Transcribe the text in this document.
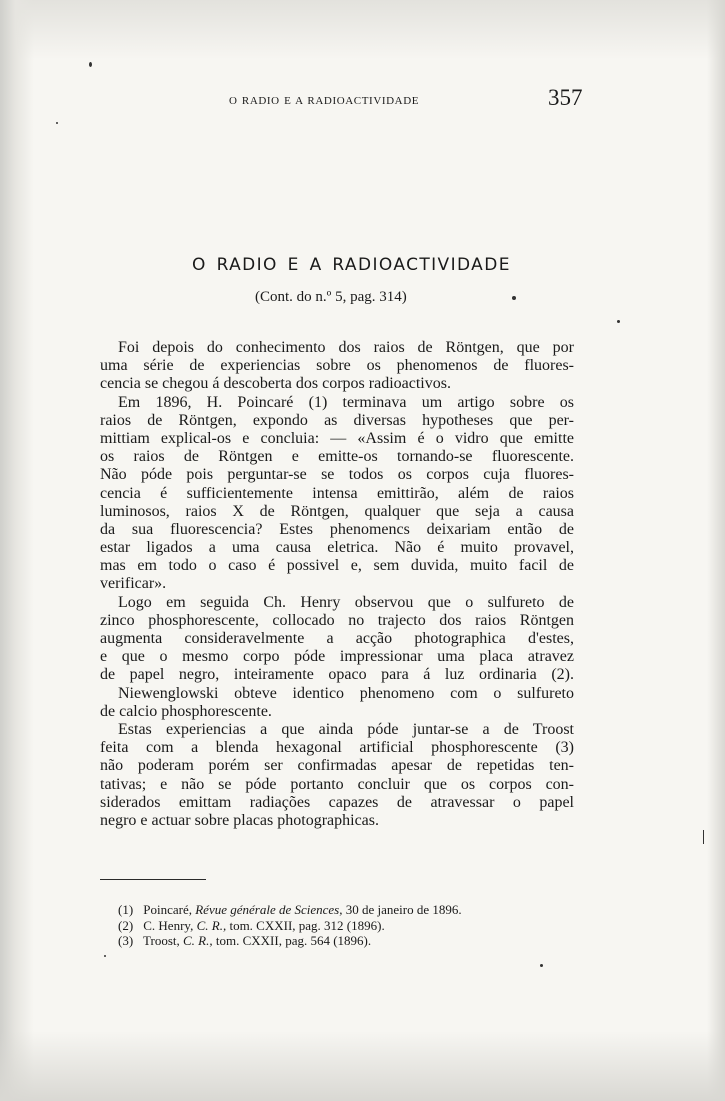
O RADIO E A RADIOACTIVIDADE	357
O RADIO E A RADIOACTIVIDADE
(Cont. do n.º 5, pag. 314)
Foi depois do conhecimento dos raios de Röntgen, que por
uma série de experiencias sobre os phenomenos de fluores-
cencia se chegou á descoberta dos corpos radioactivos.
Em 1896, H. Poincaré (1) terminava um artigo sobre os
raios de Röntgen, expondo as diversas hypotheses que per-
mittiam explical-os e concluia: — «Assim é o vidro que emitte
os raios de Röntgen e emitte-os tornando-se fluorescente.
Não póde pois perguntar-se se todos os corpos cuja fluores-
cencia é sufficientemente intensa emittirão, além de raios
luminosos, raios X de Röntgen, qualquer que seja a causa
da sua fluorescencia? Estes phenomencs deixariam então de
estar ligados a uma causa eletrica. Não é muito provavel,
mas em todo o caso é possivel e, sem duvida, muito facil de
verificar».
Logo em seguida Ch. Henry observou que o sulfureto de
zinco phosphorescente, collocado no trajecto dos raios Röntgen
augmenta consideravelmente a acção photographica d'estes,
e que o mesmo corpo póde impressionar uma placa atravez
de papel negro, inteiramente opaco para á luz ordinaria (2).
Niewenglowski obteve identico phenomeno com o sulfureto
de calcio phosphorescente.
Estas experiencias a que ainda póde juntar-se a de Troost
feita com a blenda hexagonal artificial phosphorescente (3)
não poderam porém ser confirmadas apesar de repetidas ten-
tativas; e não se póde portanto concluir que os corpos con-
siderados emittam radiações capazes de atravessar o papel
negro e actuar sobre placas photographicas.
(1) Poincaré, Révue générale de Sciences, 30 de janeiro de 1896.
(2) C. Henry, C. R., tom. CXXII, pag. 312 (1896).
(3) Troost, C. R., tom. CXXII, pag. 564 (1896).
